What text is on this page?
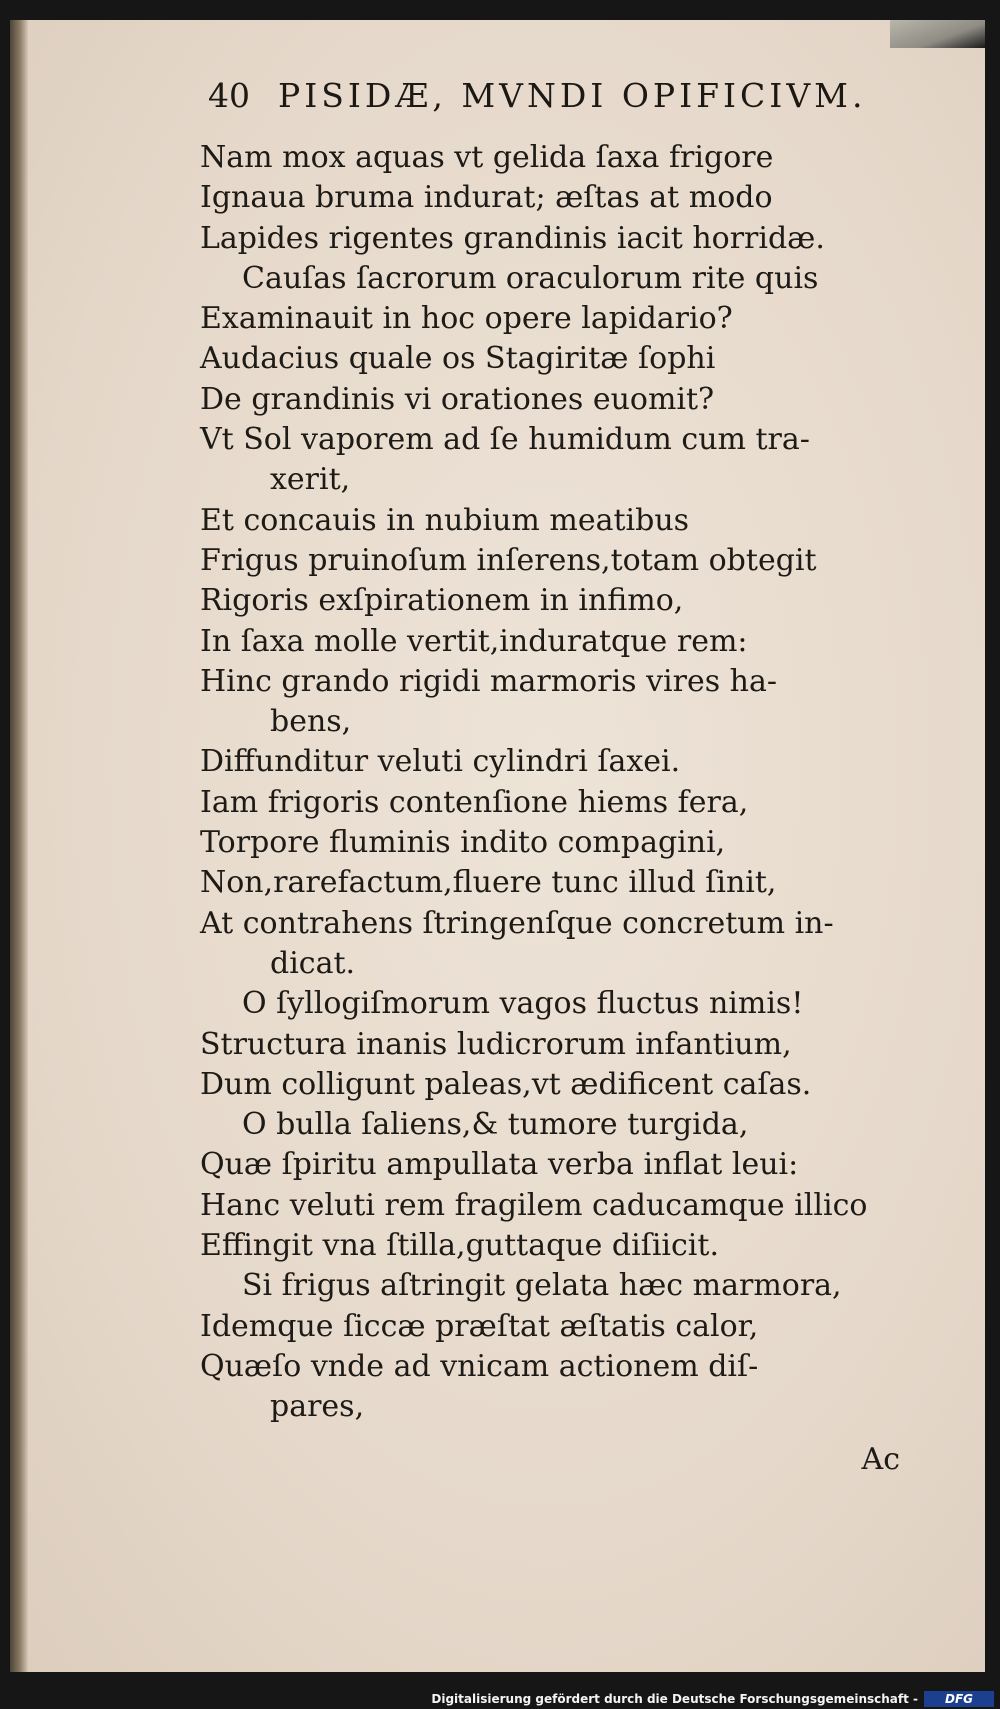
40 PISIDÆ, MVNDI OPIFICIVM.
Nam mox aquas vt gelida ſaxa frigore
Ignaua bruma indurat; æſtas at modo
Lapides rigentes grandinis iacit horridæ.
Cauſas ſacrorum oraculorum rite quis
Examinauit in hoc opere lapidario?
Audacius quale os Stagiritæ ſophi
De grandinis vi orationes euomit?
Vt Sol vaporem ad ſe humidum cum tra-
xerit,
Et concauis in nubium meatibus
Frigus pruinoſum inſerens,totam obtegit
Rigoris exſpirationem in infimo,
In ſaxa molle vertit,induratque rem:
Hinc grando rigidi marmoris vires ha-
bens,
Diffunditur veluti cylindri ſaxei.
Iam frigoris contenſione hiems fera,
Torpore fluminis indito compagini,
Non,rarefactum,fluere tunc illud ſinit,
At contrahens ſtringenſque concretum in-
dicat.
O ſyllogiſmorum vagos fluctus nimis!
Structura inanis ludicrorum infantium,
Dum colligunt paleas,vt ædificent caſas.
O bulla ſaliens,& tumore turgida,
Quæ ſpiritu ampullata verba inflat leui:
Hanc veluti rem fragilem caducamque illico
Effingit vna ſtilla,guttaque diſiicit.
Si frigus aſtringit gelata hæc marmora,
Idemque ſiccæ præſtat æſtatis calor,
Quæſo vnde ad vnicam actionem diſ-
pares,
Ac
Digitalisierung gefördert durch die Deutsche Forschungsgemeinschaft -	DFG
